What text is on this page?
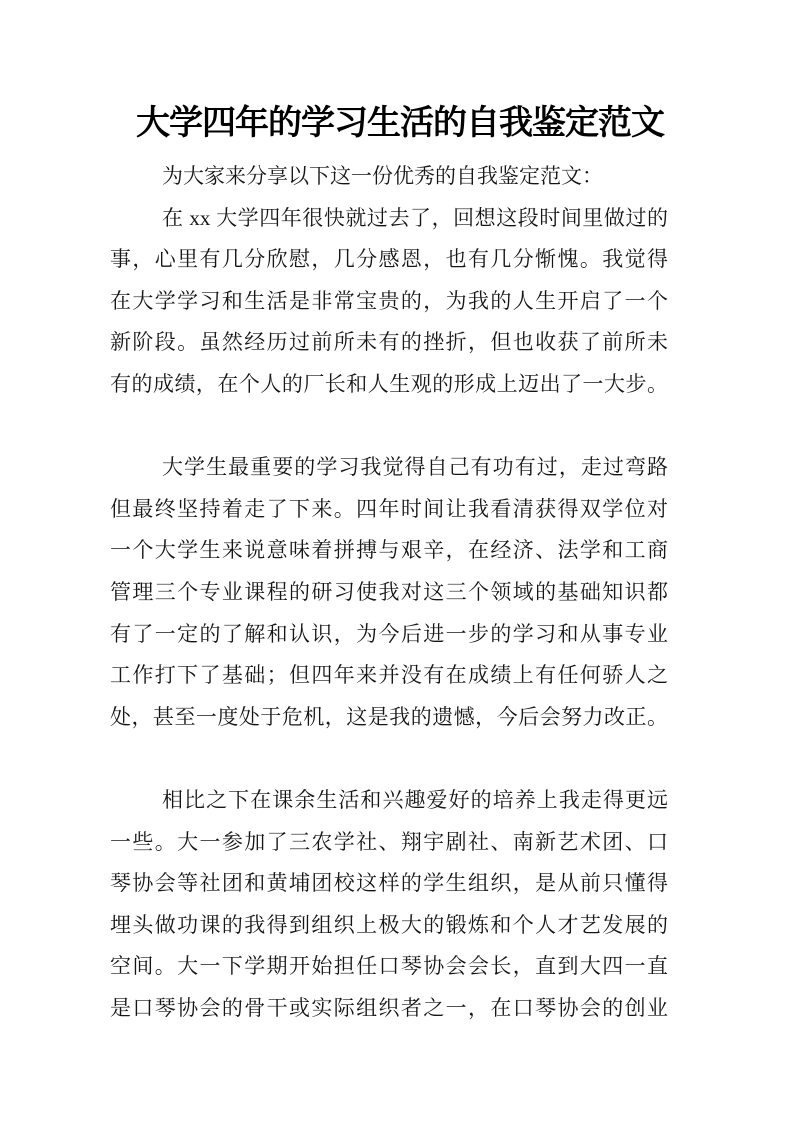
大学四年的学习生活的自我鉴定范文
为大家来分享以下这一份优秀的自我鉴定范文：
在 xx 大学四年很快就过去了，回想这段时间里做过的
事，心里有几分欣慰，几分感恩，也有几分惭愧。我觉得
在大学学习和生活是非常宝贵的，为我的人生开启了一个
新阶段。虽然经历过前所未有的挫折，但也收获了前所未
有的成绩，在个人的厂长和人生观的形成上迈出了一大步。
大学生最重要的学习我觉得自己有功有过，走过弯路
但最终坚持着走了下来。四年时间让我看清获得双学位对
一个大学生来说意味着拼搏与艰辛，在经济、法学和工商
管理三个专业课程的研习使我对这三个领域的基础知识都
有了一定的了解和认识，为今后进一步的学习和从事专业
工作打下了基础；但四年来并没有在成绩上有任何骄人之
处，甚至一度处于危机，这是我的遗憾，今后会努力改正。
相比之下在课余生活和兴趣爱好的培养上我走得更远
一些。大一参加了三农学社、翔宇剧社、南新艺术团、口
琴协会等社团和黄埔团校这样的学生组织，是从前只懂得
埋头做功课的我得到组织上极大的锻炼和个人才艺发展的
空间。大一下学期开始担任口琴协会会长，直到大四一直
是口琴协会的骨干或实际组织者之一，在口琴协会的创业
